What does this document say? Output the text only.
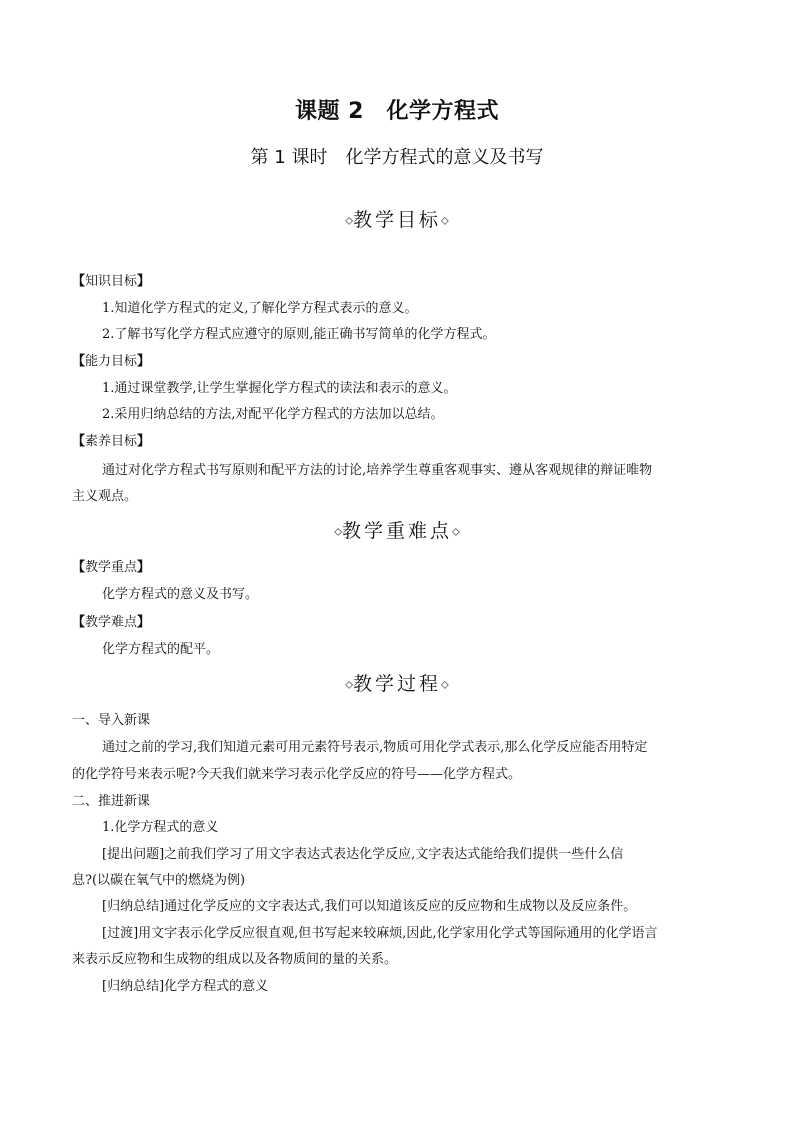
课题 2　化学方程式
第 1 课时　化学方程式的意义及书写
◇教学目标◇
【知识目标】
1.知道化学方程式的定义,了解化学方程式表示的意义。
2.了解书写化学方程式应遵守的原则,能正确书写简单的化学方程式。
【能力目标】
1.通过课堂教学,让学生掌握化学方程式的读法和表示的意义。
2.采用归纳总结的方法,对配平化学方程式的方法加以总结。
【素养目标】
通过对化学方程式书写原则和配平方法的讨论,培养学生尊重客观事实、遵从客观规律的辩证唯物
主义观点。
◇教学重难点◇
【教学重点】
化学方程式的意义及书写。
【教学难点】
化学方程式的配平。
◇教学过程◇
一、导入新课
通过之前的学习,我们知道元素可用元素符号表示,物质可用化学式表示,那么化学反应能否用特定
的化学符号来表示呢?今天我们就来学习表示化学反应的符号——化学方程式。
二、推进新课
1.化学方程式的意义
[提出问题]之前我们学习了用文字表达式表达化学反应,文字表达式能给我们提供一些什么信
息?(以碳在氧气中的燃烧为例)
[归纳总结]通过化学反应的文字表达式,我们可以知道该反应的反应物和生成物以及反应条件。
[过渡]用文字表示化学反应很直观,但书写起来较麻烦,因此,化学家用化学式等国际通用的化学语言
来表示反应物和生成物的组成以及各物质间的量的关系。
[归纳总结]化学方程式的意义
